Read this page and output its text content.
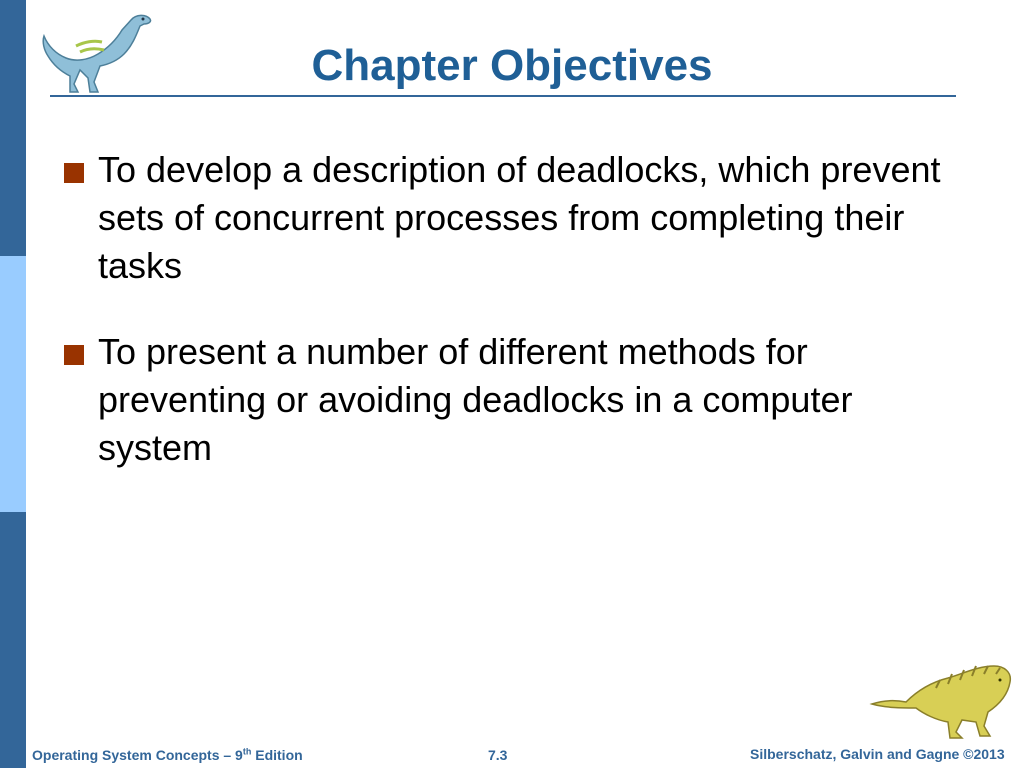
Chapter Objectives
To develop a description of deadlocks, which prevent sets of concurrent processes from completing their tasks
To present a number of different methods for preventing or avoiding deadlocks in a computer system
Operating System Concepts – 9th Edition	7.3	Silberschatz, Galvin and Gagne ©2013
